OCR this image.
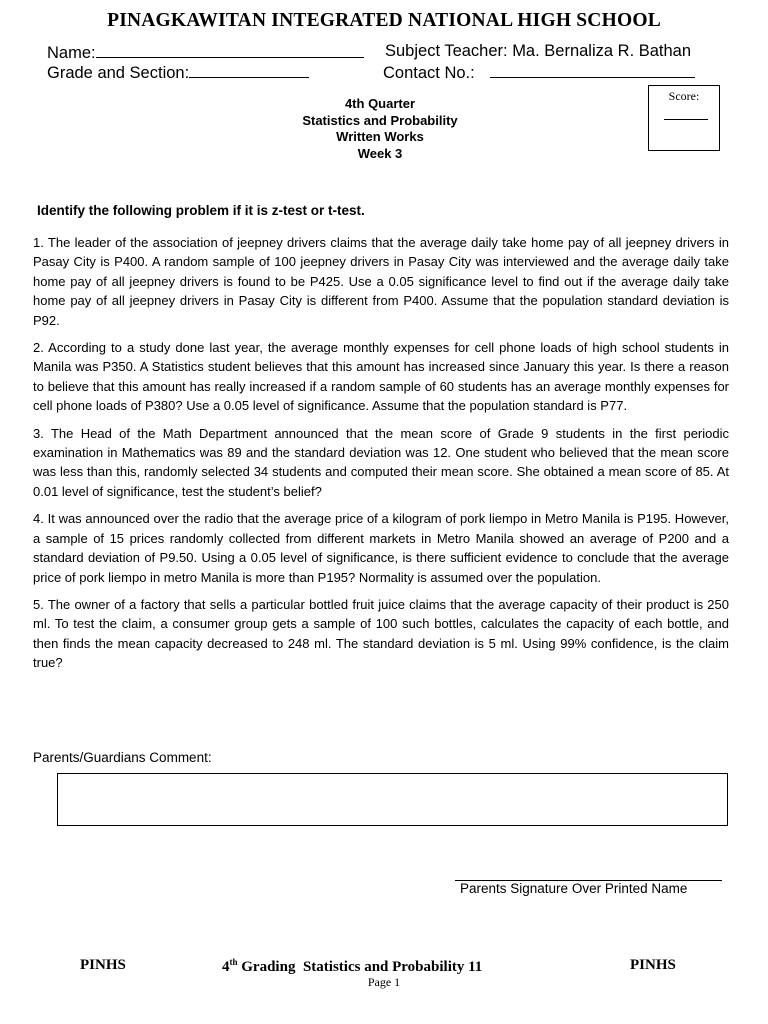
PINAGKAWITAN INTEGRATED NATIONAL HIGH SCHOOL
Name:	Subject Teacher: Ma. Bernaliza R. Bathan
Grade and Section:	Contact No.:
4th Quarter
Statistics and Probability
Written Works
Week 3
Score:
Identify the following problem if it is z-test or t-test.

1. The leader of the association of jeepney drivers claims that the average daily take home pay of all jeepney drivers in Pasay City is P400. A random sample of 100 jeepney drivers in Pasay City was interviewed and the average daily take home pay of all jeepney drivers is found to be P425. Use a 0.05 significance level to find out if the average daily take home pay of all jeepney drivers in Pasay City is different from P400. Assume that the population standard deviation is P92.

2. According to a study done last year, the average monthly expenses for cell phone loads of high school students in Manila was P350. A Statistics student believes that this amount has increased since January this year. Is there a reason to believe that this amount has really increased if a random sample of 60 students has an average monthly expenses for cell phone loads of P380? Use a 0.05 level of significance. Assume that the population standard is P77.

3. The Head of the Math Department announced that the mean score of Grade 9 students in the first periodic examination in Mathematics was 89 and the standard deviation was 12. One student who believed that the mean score was less than this, randomly selected 34 students and computed their mean score. She obtained a mean score of 85. At 0.01 level of significance, test the student’s belief?

4. It was announced over the radio that the average price of a kilogram of pork liempo in Metro Manila is P195. However, a sample of 15 prices randomly collected from different markets in Metro Manila showed an average of P200 and a standard deviation of P9.50. Using a 0.05 level of significance, is there sufficient evidence to conclude that the average price of pork liempo in metro Manila is more than P195? Normality is assumed over the population.

5. The owner of a factory that sells a particular bottled fruit juice claims that the average capacity of their product is 250 ml. To test the claim, a consumer group gets a sample of 100 such bottles, calculates the capacity of each bottle, and then finds the mean capacity decreased to 248 ml. The standard deviation is 5 ml. Using 99% confidence, is the claim true?

Parents/Guardians Comment:
Parents Signature Over Printed Name
PINHS	4th Grading  Statistics and Probability 11	PINHS
Page 1
